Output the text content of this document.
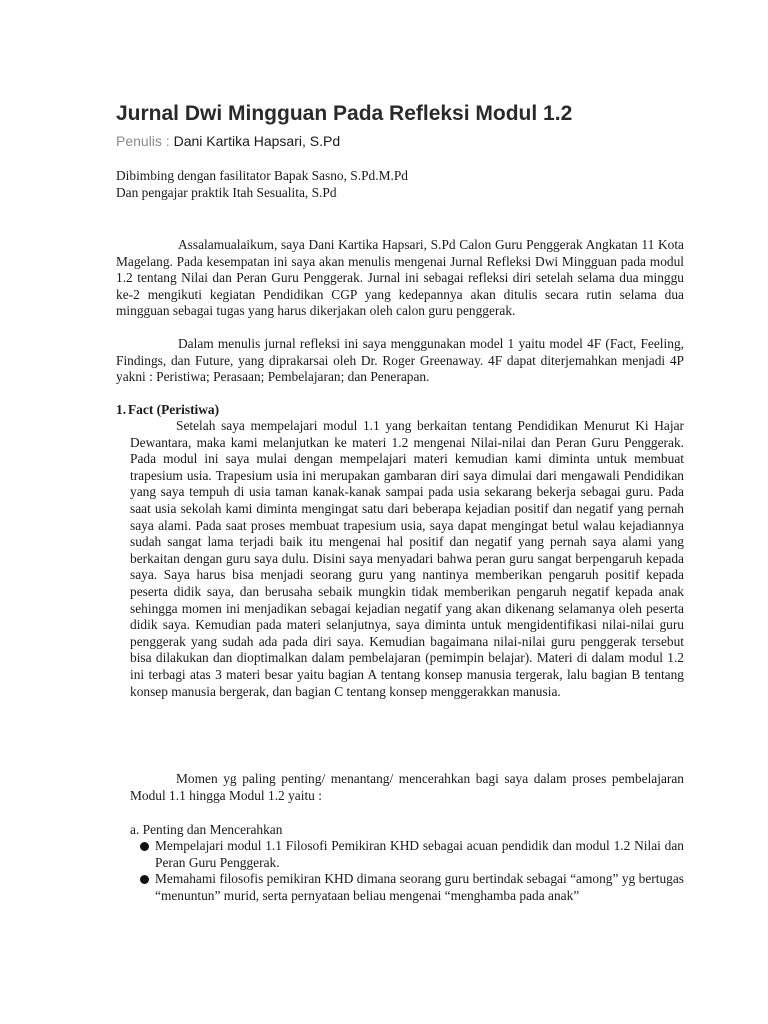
Jurnal Dwi Mingguan Pada Refleksi Modul 1.2
Penulis : Dani Kartika Hapsari, S.Pd
Dibimbing dengan fasilitator Bapak Sasno, S.Pd.M.Pd
Dan pengajar praktik Itah Sesualita, S.Pd

Assalamualaikum, saya Dani Kartika Hapsari, S.Pd Calon Guru Penggerak Angkatan 11 Kota Magelang. Pada kesempatan ini saya akan menulis mengenai Jurnal Refleksi Dwi Mingguan pada modul 1.2 tentang Nilai dan Peran Guru Penggerak. Jurnal ini sebagai refleksi diri setelah selama dua minggu ke-2 mengikuti kegiatan Pendidikan CGP yang kedepannya akan ditulis secara rutin selama dua mingguan sebagai tugas yang harus dikerjakan oleh calon guru penggerak.

Dalam menulis jurnal refleksi ini saya menggunakan model 1 yaitu model 4F (Fact, Feeling, Findings, dan Future, yang diprakarsai oleh Dr. Roger Greenaway. 4F dapat diterjemahkan menjadi 4P yakni : Peristiwa; Perasaan; Pembelajaran; dan Penerapan.

1. Fact (Peristiwa)

Setelah saya mempelajari modul 1.1 yang berkaitan tentang Pendidikan Menurut Ki Hajar Dewantara, maka kami melanjutkan ke materi 1.2 mengenai Nilai-nilai dan Peran Guru Penggerak. Pada modul ini saya mulai dengan mempelajari materi kemudian kami diminta untuk membuat trapesium usia. Trapesium usia ini merupakan gambaran diri saya dimulai dari mengawali Pendidikan yang saya tempuh di usia taman kanak-kanak sampai pada usia sekarang bekerja sebagai guru. Pada saat usia sekolah kami diminta mengingat satu dari beberapa kejadian positif dan negatif yang pernah saya alami. Pada saat proses membuat trapesium usia, saya dapat mengingat betul walau kejadiannya sudah sangat lama terjadi baik itu mengenai hal positif dan negatif yang pernah saya alami yang berkaitan dengan guru saya dulu. Disini saya menyadari bahwa peran guru sangat berpengaruh kepada saya. Saya harus bisa menjadi seorang guru yang nantinya memberikan pengaruh positif kepada peserta didik saya, dan berusaha sebaik mungkin tidak memberikan pengaruh negatif kepada anak sehingga momen ini menjadikan sebagai kejadian negatif yang akan dikenang selamanya oleh peserta didik saya. Kemudian pada materi selanjutnya, saya diminta untuk mengidentifikasi nilai-nilai guru penggerak yang sudah ada pada diri saya. Kemudian bagaimana nilai-nilai guru penggerak tersebut bisa dilakukan dan dioptimalkan dalam pembelajaran (pemimpin belajar). Materi di dalam modul 1.2 ini terbagi atas 3 materi besar yaitu bagian A tentang konsep manusia tergerak, lalu bagian B tentang konsep manusia bergerak, dan bagian C tentang konsep menggerakkan manusia.

Momen yg paling penting/ menantang/ mencerahkan bagi saya dalam proses pembelajaran Modul 1.1 hingga Modul 1.2 yaitu :

a. Penting dan Mencerahkan
Mempelajari modul 1.1 Filosofi Pemikiran KHD sebagai acuan pendidik dan modul 1.2 Nilai dan Peran Guru Penggerak.
Memahami filosofis pemikiran KHD dimana seorang guru bertindak sebagai “among” yg bertugas “menuntun” murid, serta pernyataan beliau mengenai “menghamba pada anak”
